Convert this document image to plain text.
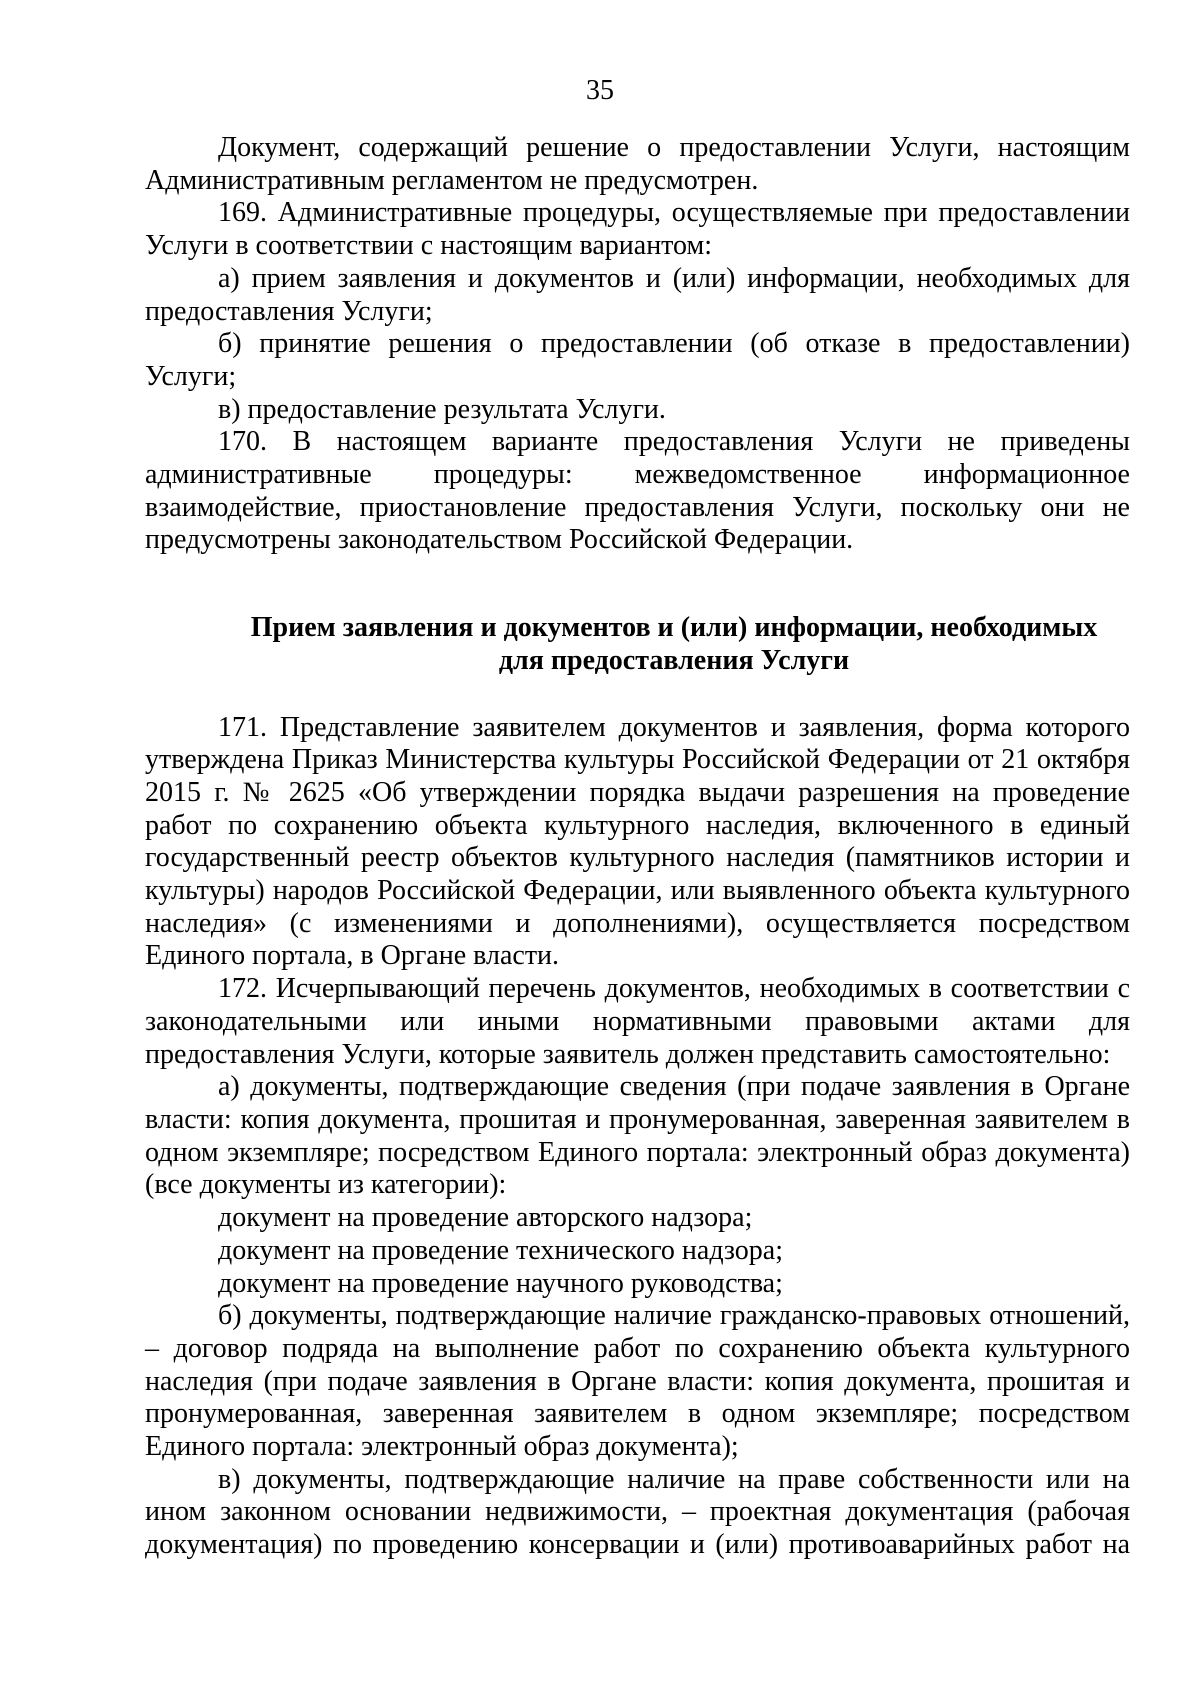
35

Документ, содержащий решение о предоставлении Услуги, настоящим Административным регламентом не предусмотрен.

169. Административные процедуры, осуществляемые при предоставлении Услуги в соответствии с настоящим вариантом:

а) прием заявления и документов и (или) информации, необходимых для предоставления Услуги;

б) принятие решения о предоставлении (об отказе в предоставлении) Услуги;

в) предоставление результата Услуги.

170. В настоящем варианте предоставления Услуги не приведены административные процедуры: межведомственное информационное взаимодействие, приостановление предоставления Услуги, поскольку они не предусмотрены законодательством Российской Федерации.

Прием заявления и документов и (или) информации, необходимых
для предоставления Услуги

171. Представление заявителем документов и заявления, форма которого утверждена Приказ Министерства культуры Российской Федерации от 21 октября 2015 г. № 2625 «Об утверждении порядка выдачи разрешения на проведение работ по сохранению объекта культурного наследия, включенного в единый государственный реестр объектов культурного наследия (памятников истории и культуры) народов Российской Федерации, или выявленного объекта культурного наследия» (с изменениями и дополнениями), осуществляется посредством Единого портала, в Органе власти.

172. Исчерпывающий перечень документов, необходимых в соответствии с законодательными или иными нормативными правовыми актами для предоставления Услуги, которые заявитель должен представить самостоятельно:

а) документы, подтверждающие сведения (при подаче заявления в Органе власти: копия документа, прошитая и пронумерованная, заверенная заявителем в одном экземпляре; посредством Единого портала: электронный образ документа) (все документы из категории):

документ на проведение авторского надзора;

документ на проведение технического надзора;

документ на проведение научного руководства;

б) документы, подтверждающие наличие гражданско-правовых отношений, – договор подряда на выполнение работ по сохранению объекта культурного наследия (при подаче заявления в Органе власти: копия документа, прошитая и пронумерованная, заверенная заявителем в одном экземпляре; посредством Единого портала: электронный образ документа);

в) документы, подтверждающие наличие на праве собственности или на ином законном основании недвижимости, – проектная документация (рабочая документация) по проведению консервации и (или) противоаварийных работ на
